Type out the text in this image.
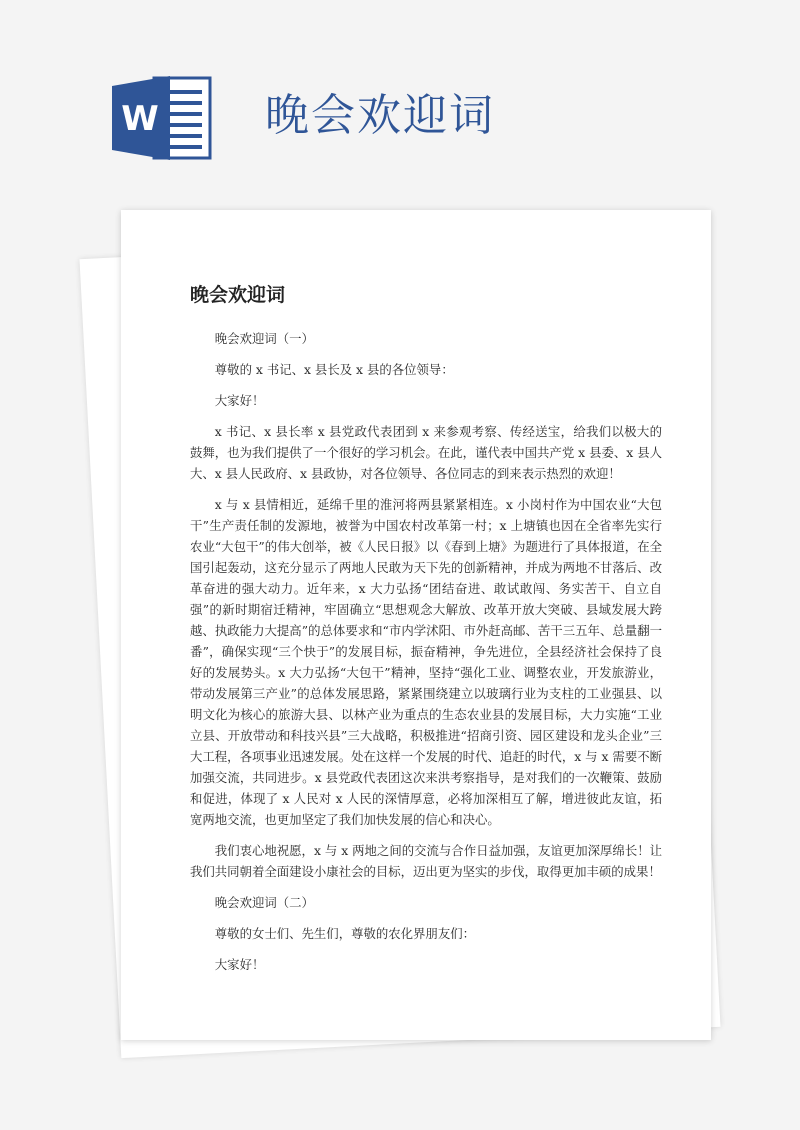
W 晚会欢迎词
晚会欢迎词

晚会欢迎词（一）

尊敬的 x 书记、x 县长及 x 县的各位领导：

大家好！

x 书记、x 县长率 x 县党政代表团到 x 来参观考察、传经送宝，给我们以极大的鼓舞，也为我们提供了一个很好的学习机会。在此，谨代表中国共产党 x 县委、x 县人大、x 县人民政府、x 县政协，对各位领导、各位同志的到来表示热烈的欢迎！

x 与 x 县情相近，延绵千里的淮河将两县紧紧相连。x 小岗村作为中国农业“大包干”生产责任制的发源地，被誉为中国农村改革第一村；x 上塘镇也因在全省率先实行农业“大包干”的伟大创举，被《人民日报》以《春到上塘》为题进行了具体报道，在全国引起轰动，这充分显示了两地人民敢为天下先的创新精神，并成为两地不甘落后、改革奋进的强大动力。近年来，x 大力弘扬“团结奋进、敢试敢闯、务实苦干、自立自强”的新时期宿迁精神，牢固确立“思想观念大解放、改革开放大突破、县域发展大跨越、执政能力大提高”的总体要求和“市内学沭阳、市外赶高邮、苦干三五年、总量翻一番”，确保实现“三个快于”的发展目标，振奋精神，争先进位，全县经济社会保持了良好的发展势头。x 大力弘扬“大包干”精神，坚持“强化工业、调整农业，开发旅游业，带动发展第三产业”的总体发展思路，紧紧围绕建立以玻璃行业为支柱的工业强县、以明文化为核心的旅游大县、以林产业为重点的生态农业县的发展目标，大力实施“工业立县、开放带动和科技兴县”三大战略，积极推进“招商引资、园区建设和龙头企业”三大工程，各项事业迅速发展。处在这样一个发展的时代、追赶的时代，x 与 x 需要不断加强交流，共同进步。x 县党政代表团这次来洪考察指导，是对我们的一次鞭策、鼓励和促进，体现了 x 人民对 x 人民的深情厚意，必将加深相互了解，增进彼此友谊，拓宽两地交流，也更加坚定了我们加快发展的信心和决心。

我们衷心地祝愿，x 与 x 两地之间的交流与合作日益加强，友谊更加深厚绵长！让我们共同朝着全面建设小康社会的目标，迈出更为坚实的步伐，取得更加丰硕的成果！

晚会欢迎词（二）

尊敬的女士们、先生们，尊敬的农化界朋友们：

大家好！
